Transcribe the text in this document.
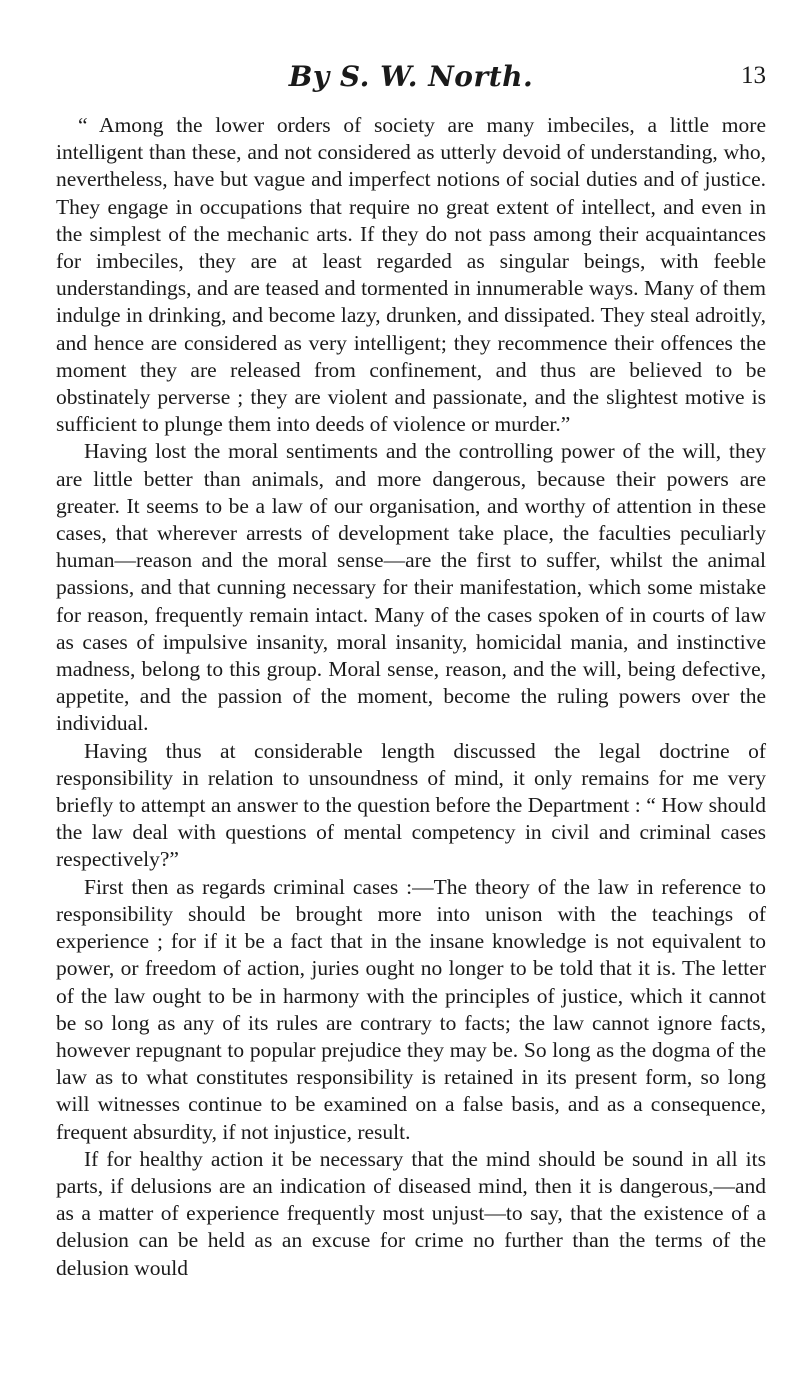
By S. W. North.	13

“ Among the lower orders of society are many imbeciles, a little more intelligent than these, and not considered as utterly devoid of understanding, who, nevertheless, have but vague and imperfect notions of social duties and of justice. They engage in occupations that require no great extent of intellect, and even in the simplest of the mechanic arts. If they do not pass among their acquaintances for imbeciles, they are at least regarded as singular beings, with feeble understandings, and are teased and tormented in innumerable ways. Many of them indulge in drinking, and become lazy, drunken, and dissipated. They steal adroitly, and hence are considered as very intelligent; they recommence their offences the moment they are released from confinement, and thus are believed to be obstinately perverse ; they are violent and passionate, and the slightest motive is sufficient to plunge them into deeds of violence or murder.”

Having lost the moral sentiments and the controlling power of the will, they are little better than animals, and more dangerous, because their powers are greater. It seems to be a law of our organisation, and worthy of attention in these cases, that wherever arrests of development take place, the faculties peculiarly human—reason and the moral sense—are the first to suffer, whilst the animal passions, and that cunning necessary for their manifestation, which some mistake for reason, frequently remain intact. Many of the cases spoken of in courts of law as cases of impulsive insanity, moral insanity, homicidal mania, and instinctive madness, belong to this group. Moral sense, reason, and the will, being defective, appetite, and the passion of the moment, become the ruling powers over the individual.

Having thus at considerable length discussed the legal doctrine of responsibility in relation to unsoundness of mind, it only remains for me very briefly to attempt an answer to the question before the Department : “ How should the law deal with questions of mental competency in civil and criminal cases respectively?”

First then as regards criminal cases :—The theory of the law in reference to responsibility should be brought more into unison with the teachings of experience ; for if it be a fact that in the insane knowledge is not equivalent to power, or freedom of action, juries ought no longer to be told that it is. The letter of the law ought to be in harmony with the principles of justice, which it cannot be so long as any of its rules are contrary to facts; the law cannot ignore facts, however repugnant to popular prejudice they may be. So long as the dogma of the law as to what constitutes responsibility is retained in its present form, so long will witnesses continue to be examined on a false basis, and as a consequence, frequent absurdity, if not injustice, result.

If for healthy action it be necessary that the mind should be sound in all its parts, if delusions are an indication of diseased mind, then it is dangerous,—and as a matter of experience frequently most unjust—to say, that the existence of a delusion can be held as an excuse for crime no further than the terms of the delusion would
